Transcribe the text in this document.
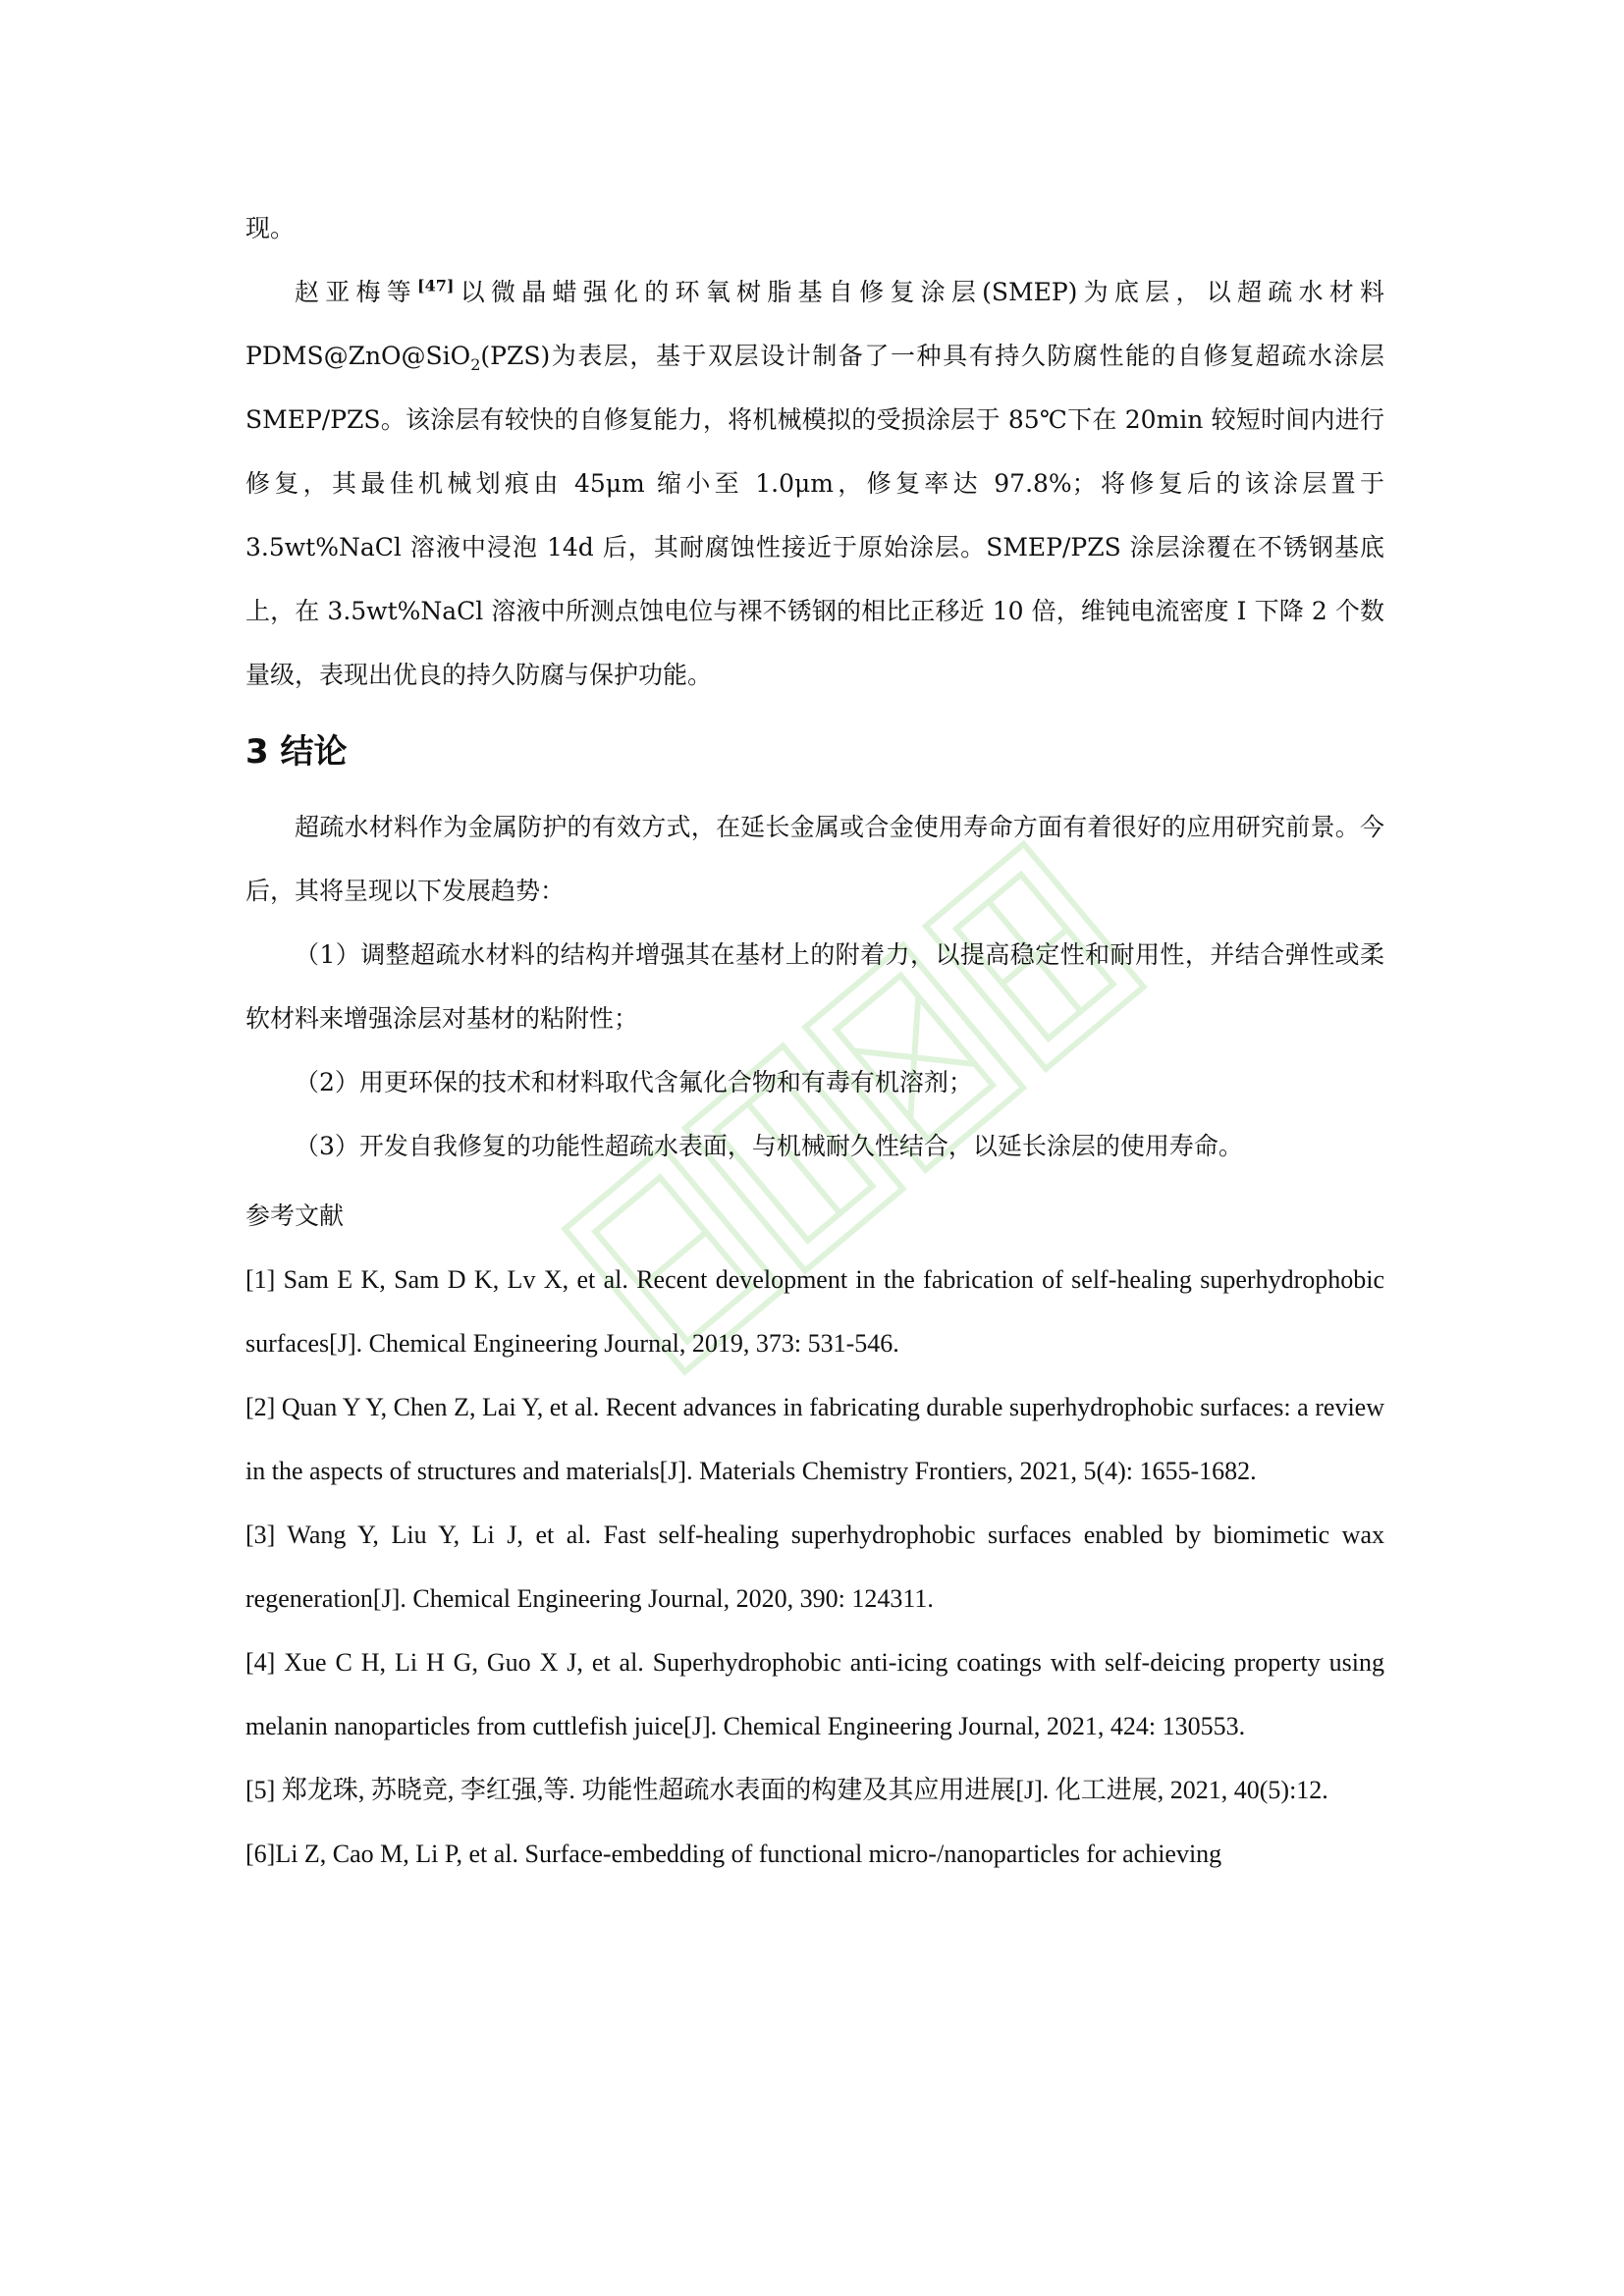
现。

赵亚梅等[47]以微晶蜡强化的环氧树脂基自修复涂层(SMEP)为底层，以超疏水材料 PDMS@ZnO@SiO$_2$(PZS)为表层，基于双层设计制备了一种具有持久防腐性能的自修复超疏水涂层 SMEP/PZS。该涂层有较快的自修复能力，将机械模拟的受损涂层于 85℃下在 20min 较短时间内进行修复，其最佳机械划痕由 45μm 缩小至 1.0μm，修复率达 97.8%；将修复后的该涂层置于 3.5wt%NaCl 溶液中浸泡 14d 后，其耐腐蚀性接近于原始涂层。SMEP/PZS 涂层涂覆在不锈钢基底上，在 3.5wt%NaCl 溶液中所测点蚀电位与裸不锈钢的相比正移近 10 倍，维钝电流密度 I 下降 2 个数量级，表现出优良的持久防腐与保护功能。

3 结论

超疏水材料作为金属防护的有效方式，在延长金属或合金使用寿命方面有着很好的应用研究前景。今后，其将呈现以下发展趋势：

（1）调整超疏水材料的结构并增强其在基材上的附着力，以提高稳定性和耐用性，并结合弹性或柔软材料来增强涂层对基材的粘附性；

（2）用更环保的技术和材料取代含氟化合物和有毒有机溶剂；

（3）开发自我修复的功能性超疏水表面，与机械耐久性结合，以延长涂层的使用寿命。

参考文献

[1] Sam E K, Sam D K, Lv X, et al. Recent development in the fabrication of self-healing superhydrophobic surfaces[J]. Chemical Engineering Journal, 2019, 373: 531-546.

[2] Quan Y Y, Chen Z, Lai Y, et al. Recent advances in fabricating durable superhydrophobic surfaces: a review in the aspects of structures and materials[J]. Materials Chemistry Frontiers, 2021, 5(4): 1655-1682.

[3] Wang Y, Liu Y, Li J, et al. Fast self-healing superhydrophobic surfaces enabled by biomimetic wax regeneration[J]. Chemical Engineering Journal, 2020, 390: 124311.

[4] Xue C H, Li H G, Guo X J, et al. Superhydrophobic anti-icing coatings with self-deicing property using melanin nanoparticles from cuttlefish juice[J]. Chemical Engineering Journal, 2021, 424: 130553.

[5] 郑龙珠, 苏晓竞, 李红强,等. 功能性超疏水表面的构建及其应用进展[J]. 化工进展, 2021, 40(5):12.

[6]Li Z, Cao M, Li P, et al. Surface-embedding of functional micro-/nanoparticles for achieving
